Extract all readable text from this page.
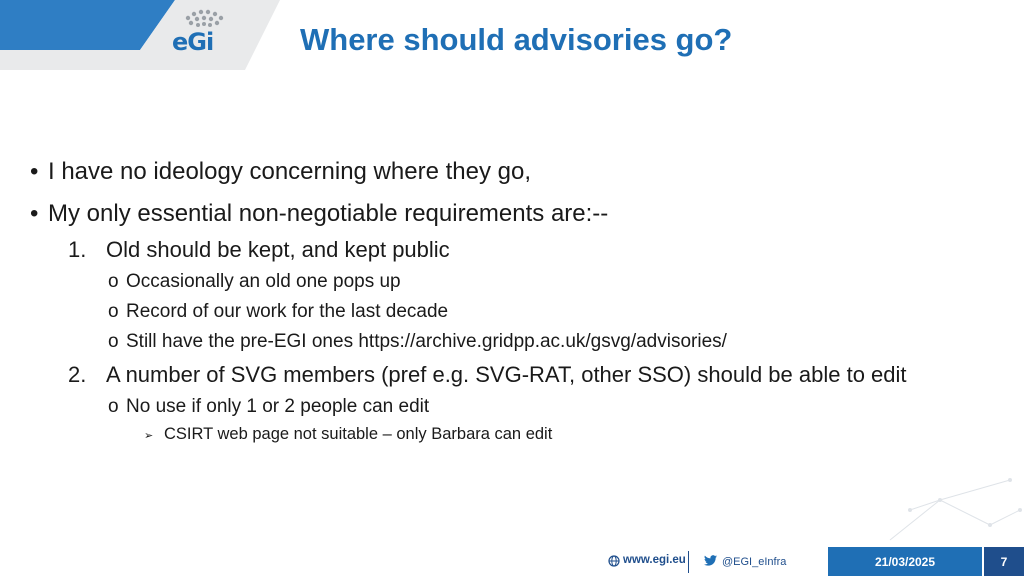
eGi	Where should advisories go?
• I have no ideology concerning where they go,
• My only essential non-negotiable requirements are:--
1. Old should be kept, and kept public
o Occasionally an old one pops up
o Record of our work for the last decade
o Still have the pre-EGI ones https://archive.gridpp.ac.uk/gsvg/advisories/
2. A number of SVG members (pref e.g. SVG-RAT, other SSO) should be able to edit
o No use if only 1 or 2 people can edit
➢ CSIRT web page not suitable – only Barbara can edit
www.egi.eu	@EGI_eInfra	21/03/2025	7
